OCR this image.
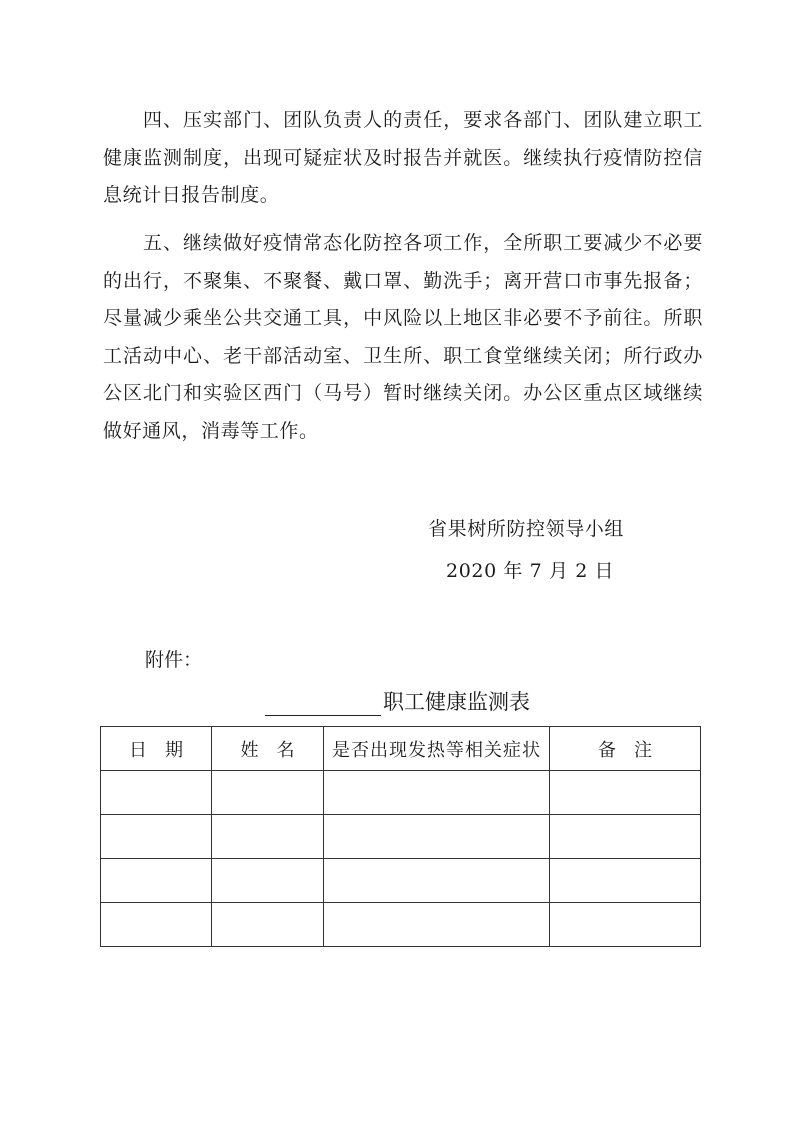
四、压实部门、团队负责人的责任，要求各部门、团队建立职工健康监测制度，出现可疑症状及时报告并就医。继续执行疫情防控信息统计日报告制度。

五、继续做好疫情常态化防控各项工作，全所职工要减少不必要的出行，不聚集、不聚餐、戴口罩、勤洗手；离开营口市事先报备；尽量减少乘坐公共交通工具，中风险以上地区非必要不予前往。所职工活动中心、老干部活动室、卫生所、职工食堂继续关闭；所行政办公区北门和实验区西门（马号）暂时继续关闭。办公区重点区域继续做好通风，消毒等工作。

省果树所防控领导小组
2020 年 7 月 2 日
附件：
职工健康监测表
日期	姓名	是否出现发热等相关症状	备注
